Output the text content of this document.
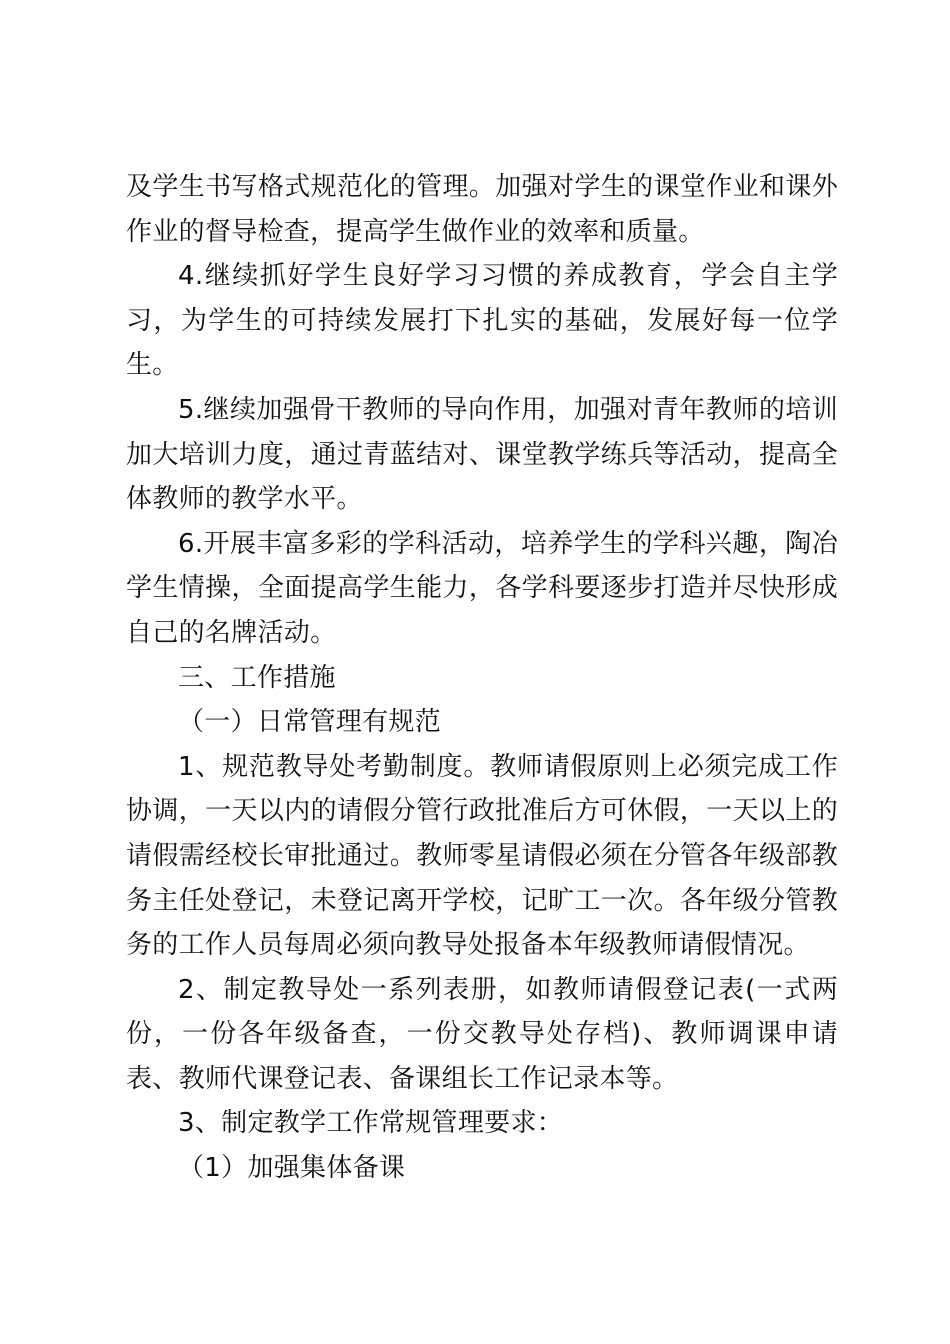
及学生书写格式规范化的管理。加强对学生的课堂作业和课外作业的督导检查，提高学生做作业的效率和质量。

4.继续抓好学生良好学习习惯的养成教育，学会自主学习，为学生的可持续发展打下扎实的基础，发展好每一位学生。

5.继续加强骨干教师的导向作用，加强对青年教师的培训加大培训力度，通过青蓝结对、课堂教学练兵等活动，提高全体教师的教学水平。

6.开展丰富多彩的学科活动，培养学生的学科兴趣，陶冶学生情操，全面提高学生能力，各学科要逐步打造并尽快形成自己的名牌活动。

三、工作措施

（一）日常管理有规范

1、规范教导处考勤制度。教师请假原则上必须完成工作协调，一天以内的请假分管行政批准后方可休假，一天以上的请假需经校长审批通过。教师零星请假必须在分管各年级部教务主任处登记，未登记离开学校，记旷工一次。各年级分管教务的工作人员每周必须向教导处报备本年级教师请假情况。

2、制定教导处一系列表册，如教师请假登记表(一式两份，一份各年级备查，一份交教导处存档)、教师调课申请表、教师代课登记表、备课组长工作记录本等。

3、制定教学工作常规管理要求：

（1）加强集体备课
